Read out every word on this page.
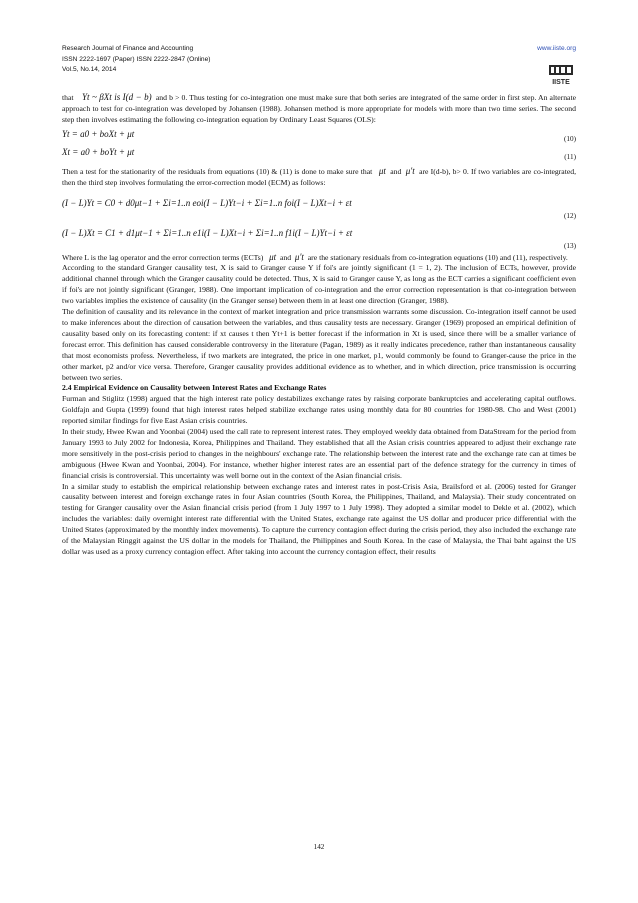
Research Journal of Finance and Accounting	www.iiste.org
ISSN 2222-1697 (Paper) ISSN 2222-2847 (Online)
Vol.5, No.14, 2014
IISTE

that Yt ~ βXt is I(d − b) and b > 0. Thus testing for co-integration one must make sure that both series are integrated of the same order in first step. An alternate approach to test for co-integration was developed by Johansen (1988). Johansen method is more appropriate for models with more than two time series. The second step then involves estimating the following co-integration equation by Ordinary Least Squares (OLS):

Yt = a0 + boXt + μt	(10)
Xt = a0 + boYt + μt	(11)

Then a test for the stationarity of the residuals from equations (10) & (11) is done to make sure that μt and μ′t are I(d-b), b> 0. If two variables are co-integrated, then the third step involves formulating the error-correction model (ECM) as follows:

(I − L)Yt = C0 + d0μt−1 + Σi=1..n eoi(I − L)Yt−i + Σi=1..n foi(I − L)Xt−i + εt
(12)
(I − L)Xt = C1 + d1μt−1 + Σi=1..n e1i(I − L)Xt−i + Σi=1..n f1i(I − L)Yt−i + εt
(13)

Where L is the lag operator and the error correction terms (ECTs) μt and μ′t are the stationary residuals from co-integration equations (10) and (11), respectively.

According to the standard Granger causality test, X is said to Granger cause Y if foi's are jointly significant (1 = 1, 2). The inclusion of ECTs, however, provide additional channel through which the Granger causality could be detected. Thus, X is said to Granger cause Y, as long as the ECT carries a significant coefficient even if foi's are not jointly significant (Granger, 1988). One important implication of co-integration and the error correction representation is that co-integration between two variables implies the existence of causality (in the Granger sense) between them in at least one direction (Granger, 1988).

The definition of causality and its relevance in the context of market integration and price transmission warrants some discussion. Co-integration itself cannot be used to make inferences about the direction of causation between the variables, and thus causality tests are necessary. Granger (1969) proposed an empirical definition of causality based only on its forecasting content: if xt causes t then Yt+1 is better forecast if the information in Xt is used, since there will be a smaller variance of forecast error. This definition has caused considerable controversy in the literature (Pagan, 1989) as it really indicates precedence, rather than instantaneous causality that most economists profess. Nevertheless, if two markets are integrated, the price in one market, p1, would commonly be found to Granger-cause the price in the other market, p2 and/or vice versa. Therefore, Granger causality provides additional evidence as to whether, and in which direction, price transmission is occurring between two series.

2.4 Empirical Evidence on Causality between Interest Rates and Exchange Rates

Furman and Stiglitz (1998) argued that the high interest rate policy destabilizes exchange rates by raising corporate bankruptcies and accelerating capital outflows. Goldfajn and Gupta (1999) found that high interest rates helped stabilize exchange rates using monthly data for 80 countries for 1980-98. Cho and West (2001) reported similar findings for five East Asian crisis countries.

In their study, Hwee Kwan and Yoonbai (2004) used the call rate to represent interest rates. They employed weekly data obtained from DataStream for the period from January 1993 to July 2002 for Indonesia, Korea, Philippines and Thailand. They established that all the Asian crisis countries appeared to adjust their exchange rate more sensitively in the post-crisis period to changes in the neighbours' exchange rate. The relationship between the interest rate and the exchange rate can at times be ambiguous (Hwee Kwan and Yoonbai, 2004). For instance, whether higher interest rates are an essential part of the defence strategy for the currency in times of financial crisis is controversial. This uncertainty was well borne out in the context of the Asian financial crisis.

In a similar study to establish the empirical relationship between exchange rates and interest rates in post-Crisis Asia, Brailsford et al. (2006) tested for Granger causality between interest and foreign exchange rates in four Asian countries (South Korea, the Philippines, Thailand, and Malaysia). Their study concentrated on testing for Granger causality over the Asian financial crisis period (from 1 July 1997 to 1 July 1998). They adopted a similar model to Dekle et al. (2002), which includes the variables: daily overnight interest rate differential with the United States, exchange rate against the US dollar and producer price differential with the United States (approximated by the monthly index movements). To capture the currency contagion effect during the crisis period, they also included the exchange rate of the Malaysian Ringgit against the US dollar in the models for Thailand, the Philippines and South Korea. In the case of Malaysia, the Thai baht against the US dollar was used as a proxy currency contagion effect. After taking into account the currency contagion effect, their results

142
